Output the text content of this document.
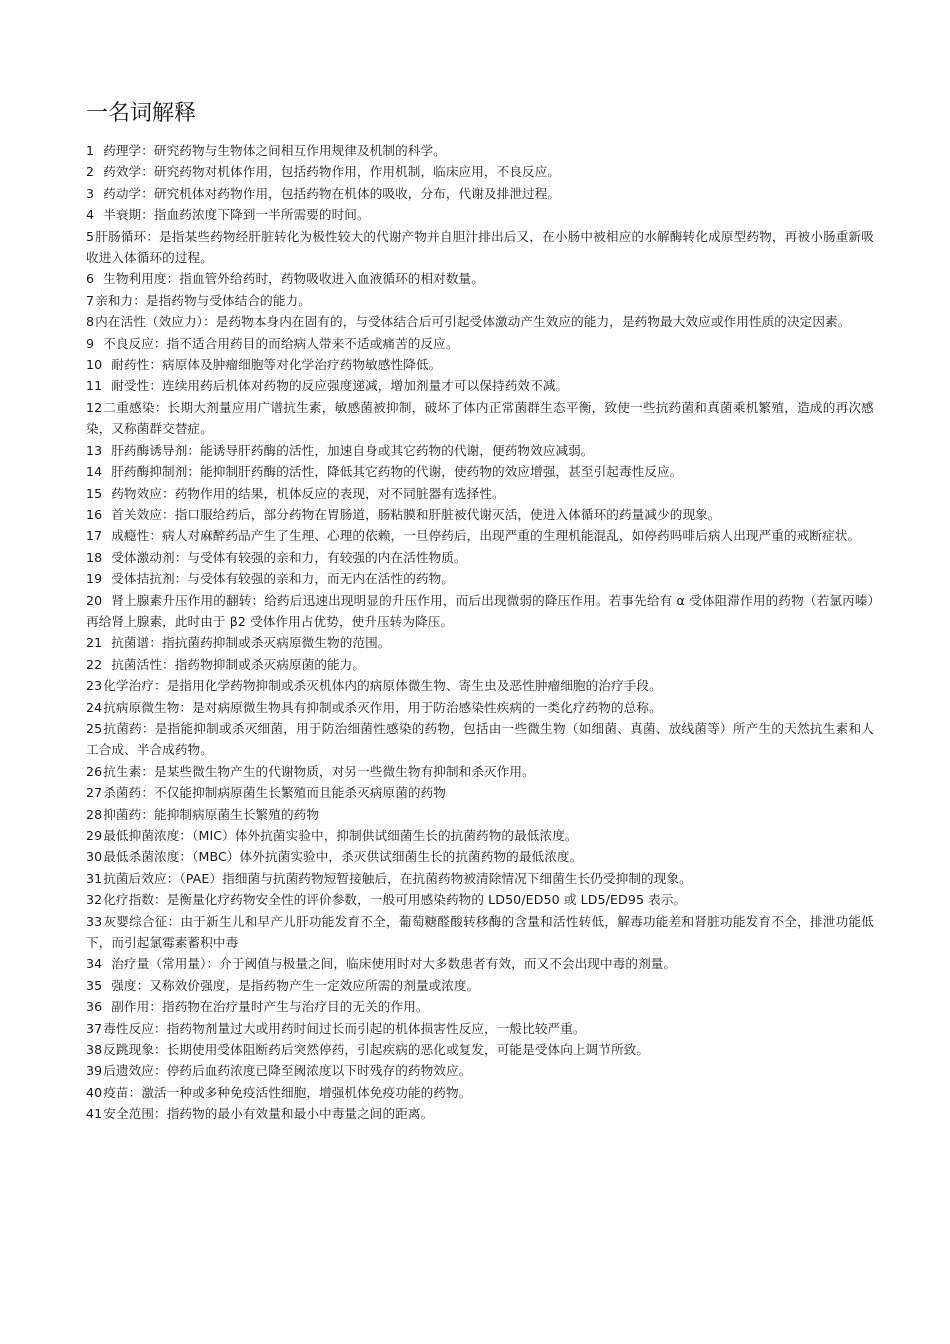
一名词解释
1 药理学：研究药物与生物体之间相互作用规律及机制的科学。
2 药效学：研究药物对机体作用，包括药物作用，作用机制，临床应用，不良反应。
3 药动学：研究机体对药物作用，包括药物在机体的吸收，分布，代谢及排泄过程。
4 半衰期：指血药浓度下降到一半所需要的时间。
5肝肠循环：是指某些药物经肝脏转化为极性较大的代谢产物并自胆汁排出后又，在小肠中被相应的水解酶转化成原型药物，再被小肠重新吸收进入体循环的过程。
6 生物利用度：指血管外给药时，药物吸收进入血液循环的相对数量。
7亲和力：是指药物与受体结合的能力。
8内在活性（效应力）：是药物本身内在固有的，与受体结合后可引起受体激动产生效应的能力，是药物最大效应或作用性质的决定因素。
9 不良反应：指不适合用药目的而给病人带来不适或痛苦的反应。
10 耐药性：病原体及肿瘤细胞等对化学治疗药物敏感性降低。
11 耐受性：连续用药后机体对药物的反应强度递减，增加剂量才可以保持药效不减。
12二重感染：长期大剂量应用广谱抗生素，敏感菌被抑制，破坏了体内正常菌群生态平衡，致使一些抗药菌和真菌乘机繁殖，造成的再次感染，又称菌群交替症。
13 肝药酶诱导剂：能诱导肝药酶的活性，加速自身或其它药物的代谢，便药物效应减弱。
14 肝药酶抑制剂：能抑制肝药酶的活性，降低其它药物的代谢，使药物的效应增强，甚至引起毒性反应。
15 药物效应：药物作用的结果，机体反应的表现，对不同脏器有选择性。
16 首关效应：指口服给药后，部分药物在胃肠道，肠粘膜和肝脏被代谢灭活，使进入体循环的药量减少的现象。
17 成瘾性：病人对麻醉药品产生了生理、心理的依赖，一旦停药后，出现严重的生理机能混乱，如停药吗啡后病人出现严重的戒断症状。
18 受体激动剂：与受体有较强的亲和力，有较强的内在活性物质。
19 受体拮抗剂：与受体有较强的亲和力，而无内在活性的药物。
20 肾上腺素升压作用的翻转：给药后迅速出现明显的升压作用，而后出现微弱的降压作用。若事先给有 α 受体阻滞作用的药物（若氯丙嗪）再给肾上腺素，此时由于 β2 受体作用占优势，使升压转为降压。
21 抗菌谱：指抗菌药抑制或杀灭病原微生物的范围。
22 抗菌活性：指药物抑制或杀灭病原菌的能力。
23化学治疗：是指用化学药物抑制或杀灭机体内的病原体微生物、寄生虫及恶性肿瘤细胞的治疗手段。
24抗病原微生物：是对病原微生物具有抑制或杀灭作用，用于防治感染性疾病的一类化疗药物的总称。
25抗菌药：是指能抑制或杀灭细菌，用于防治细菌性感染的药物，包括由一些微生物（如细菌、真菌、放线菌等）所产生的天然抗生素和人工合成、半合成药物。
26抗生素：是某些微生物产生的代谢物质，对另一些微生物有抑制和杀灭作用。
27杀菌药：不仅能抑制病原菌生长繁殖而且能杀灭病原菌的药物
28抑菌药：能抑制病原菌生长繁殖的药物
29最低抑菌浓度：（MIC）体外抗菌实验中，抑制供试细菌生长的抗菌药物的最低浓度。
30最低杀菌浓度：（MBC）体外抗菌实验中，杀灭供试细菌生长的抗菌药物的最低浓度。
31抗菌后效应：（PAE）指细菌与抗菌药物短暂接触后，在抗菌药物被清除情况下细菌生长仍受抑制的现象。
32化疗指数：是衡量化疗药物安全性的评价参数，一般可用感染药物的 LD50/ED50 或 LD5/ED95 表示。
33灰婴综合征：由于新生儿和早产儿肝功能发育不全，葡萄糖醛酸转移酶的含量和活性转低，解毒功能差和肾脏功能发育不全，排泄功能低下，而引起氯霉素蓄积中毒
34 治疗量（常用量）：介于阈值与极量之间，临床使用时对大多数患者有效，而又不会出现中毒的剂量。
35 强度：又称效价强度，是指药物产生一定效应所需的剂量或浓度。
36 副作用：指药物在治疗量时产生与治疗目的无关的作用。
37毒性反应：指药物剂量过大或用药时间过长而引起的机体损害性反应，一般比较严重。
38反跳现象：长期使用受体阻断药后突然停药，引起疾病的恶化或复发，可能是受体向上调节所致。
39后遗效应：停药后血药浓度已降至阈浓度以下时残存的药物效应。
40疫苗：激活一种或多种免疫活性细胞，增强机体免疫功能的药物。
41安全范围：指药物的最小有效量和最小中毒量之间的距离。
